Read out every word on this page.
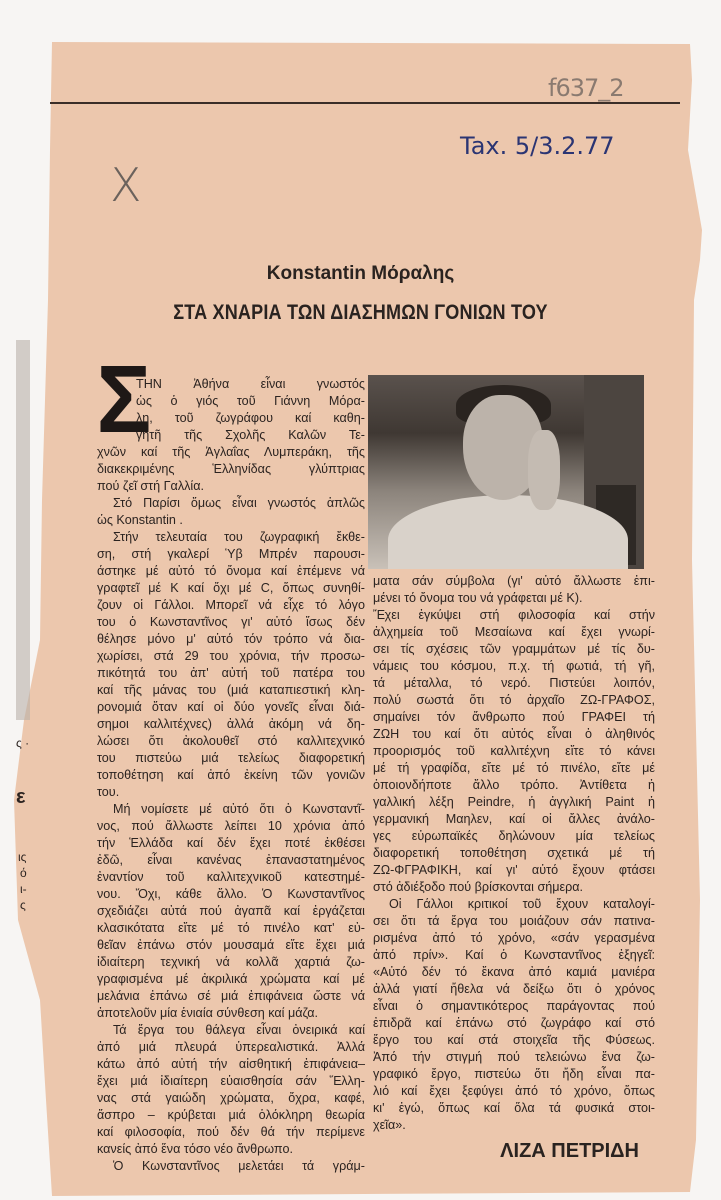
f637_2
Tax. 5/3.2.77
X
Konstantin Μόραλης
ΣΤΑ ΧΝΑΡΙΑ ΤΩΝ ΔΙΑΣΗΜΩΝ ΓΟΝΙΩΝ ΤΟΥ
Σ
ΤΗΝ Ἀθήνα εἶναι γνωστός
ὡς ὁ γιός τοῦ Γιάννη Μόρα-
λη, τοῦ ζωγράφου καί καθη-
γητῆ τῆς Σχολῆς Καλῶν Τε-
χνῶν καί τῆς Ἀγλαΐας Λυμπεράκη, τῆς
διακεκριμένης Ἑλληνίδας γλύπτριας
πού ζεῖ στή Γαλλία.
Στό Παρίσι ὅμως εἶναι γνωστός ἁπλῶς
ὡς Konstantin .
Στήν τελευταία του ζωγραφική ἔκθε-
ση, στή γκαλερί Ὑβ Μπρέν παρουσι-
άστηκε μέ αὐτό τό ὄνομα καί ἐπέμενε νά
γραφτεῖ μέ Κ καί ὄχι μέ C, ὅπως συνηθί-
ζουν οἱ Γάλλοι. Μπορεῖ νά εἶχε τό λόγο
του ὁ Κωνσταντῖνος γι' αὐτό ἴσως δέν
θέλησε μόνο μ' αὐτό τόν τρόπο νά δια-
χωρίσει, στά 29 του χρόνια, τήν προσω-
πικότητά του ἀπ' αὐτή τοῦ πατέρα του
καί τῆς μάνας του (μιά καταπιεστική κλη-
ρονομιά ὅταν καί οἱ δύο γονεῖς εἶναι διά-
σημοι καλλιτέχνες) ἀλλά ἀκόμη νά δη-
λώσει ὅτι ἀκολουθεῖ στό καλλιτεχνικό
του πιστεύω μιά τελείως διαφορετική
τοποθέτηση καί ἀπό ἐκείνη τῶν γονιῶν
του.
Μή νομίσετε μέ αὐτό ὅτι ὁ Κωνσταντῖ-
νος, πού ἄλλωστε λείπει 10 χρόνια ἀπό
τήν Ἑλλάδα καί δέν ἔχει ποτέ ἐκθέσει
ἐδῶ, εἶναι κανένας ἐπαναστατημένος
ἐναντίον τοῦ καλλιτεχνικοῦ κατεστημέ-
νου. Ὄχι, κάθε ἄλλο. Ὁ Κωνσταντῖνος
σχεδιάζει αὐτά πού ἀγαπᾶ καί ἐργάζεται
κλασικότατα εἴτε μέ τό πινέλο κατ' εὐ-
θεῖαν ἐπάνω στόν μουσαμά εἴτε ἔχει μιά
ἰδιαίτερη τεχνική νά κολλᾶ χαρτιά ζω-
γραφισμένα μέ ἀκριλικά χρώματα καί μέ
μελάνια ἐπάνω σέ μιά ἐπιφάνεια ὥστε νά
ἀποτελοῦν μία ἑνιαία σύνθεση καί μάζα.
Τά ἔργα του θάλεγα εἶναι ὀνειρικά καί
ἀπό μιά πλευρά ὑπερεαλιστικά. Ἀλλά
κάτω ἀπό αὐτή τήν αἰσθητική ἐπιφάνεια–
ἔχει μιά ἰδιαίτερη εὐαισθησία σάν Ἕλλη-
νας στά γαιώδη χρώματα, ὄχρα, καφέ,
ἄσπρο – κρύβεται μιά ὁλόκληρη θεωρία
καί φιλοσοφία, πού δέν θά τήν περίμενε
κανείς ἀπό ἕνα τόσο νέο ἄνθρωπο.
Ὁ Κωνσταντῖνος μελετάει τά γράμ-
ματα σάν σύμβολα (γι' αὐτό ἄλλωστε ἐπι-
μένει τό ὄνομα του νά γράφεται μέ Κ).
Ἔχει ἐγκύψει στή φιλοσοφία καί στήν
ἀλχημεία τοῦ Μεσαίωνα καί ἔχει γνωρί-
σει τίς σχέσεις τῶν γραμμάτων μέ τίς δυ-
νάμεις του κόσμου, π.χ. τή φωτιά, τή γῆ,
τά μέταλλα, τό νερό. Πιστεύει λοιπόν,
πολύ σωστά ὅτι τό ἀρχαῖο ΖΩ-ΓΡΑΦΟΣ,
σημαίνει τόν ἄνθρωπο πού ΓΡΑΦΕΙ τή
ΖΩΗ του καί ὅτι αὐτός εἶναι ὁ ἀληθινός
προορισμός τοῦ καλλιτέχνη εἴτε τό κάνει
μέ τή γραφίδα, εἴτε μέ τό πινέλο, εἴτε μέ
ὁποιονδήποτε ἄλλο τρόπο. Ἀντίθετα ἡ
γαλλική λέξη Peindre, ἡ ἀγγλική Paint ἡ
γερμανική Μαηλεν, καί οἱ ἄλλες ἀνάλο-
γες εὐρωπαϊκές δηλώνουν μία τελείως
διαφορετική τοποθέτηση σχετικά μέ τή
ΖΩ-ΦΓΡΑΦΙΚΗ, καί γι' αὐτό ἔχουν φτάσει
στό ἀδιέξοδο πού βρίσκονται σήμερα.
Οἱ Γάλλοι κριτικοί τοῦ ἔχουν καταλογί-
σει ὅτι τά ἔργα του μοιάζουν σάν πατινα-
ρισμένα ἀπό τό χρόνο, «σάν γερασμένα
ἀπό πρίν». Καί ὁ Κωνσταντῖνος ἐξηγεῖ:
«Αὐτό δέν τό ἔκανα ἀπό καμιά μανιέρα
ἀλλά γιατί ἤθελα νά δείξω ὅτι ὁ χρόνος
εἶναι ὁ σημαντικότερος παράγοντας πού
ἐπιδρᾶ καί ἐπάνω στό ζωγράφο καί στό
ἔργο του καί στά στοιχεῖα τῆς Φύσεως.
Ἀπό τήν στιγμή πού τελειώνω ἕνα ζω-
γραφικό ἔργο, πιστεύω ὅτι ἤδη εἶναι πα-
λιό καί ἔχει ξεφύγει ἀπό τό χρόνο, ὅπως
κι' ἐγώ, ὅπως καί ὅλα τά φυσικά στοι-
χεῖα».
ΛΙΖΑ ΠΕΤΡΙΔΗ
ς ·
ε
ις
ό
ι-
ς
